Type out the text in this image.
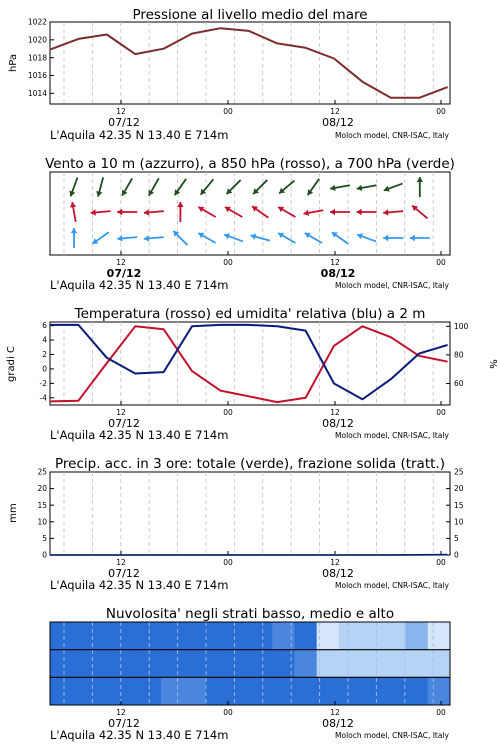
Pressione al livello medio del mare
hPa
1014
1016
1018
1020
1022
12
07/12
00	12
08/12
00
L'Aquila 42.35 N 13.40 E 714m	Moloch model, CNR-ISAC, Italy
Vento a 10 m (azzurro), a 850 hPa (rosso), a 700 hPa (verde)
12
07/12
00	12
08/12
00
L'Aquila 42.35 N 13.40 E 714m	Moloch model, CNR-ISAC, Italy
Temperatura (rosso) ed umidita' relativa (blu) a 2 m
gradi C	%
-4
-2
0
2
4
6
60
80
100
12
07/12
00	12
08/12
00
L'Aquila 42.35 N 13.40 E 714m	Moloch model, CNR-ISAC, Italy
Precip. acc. in 3 ore: totale (verde), frazione solida (tratt.)
mm
0
5
10
15
20
25
0
5
10
15
20
25
12
07/12
00	12
08/12
00
L'Aquila 42.35 N 13.40 E 714m	Moloch model, CNR-ISAC, Italy
Nuvolosita' negli strati basso, medio e alto
12
07/12
00	12
08/12
00
L'Aquila 42.35 N 13.40 E 714m	Moloch model, CNR-ISAC, Italy
